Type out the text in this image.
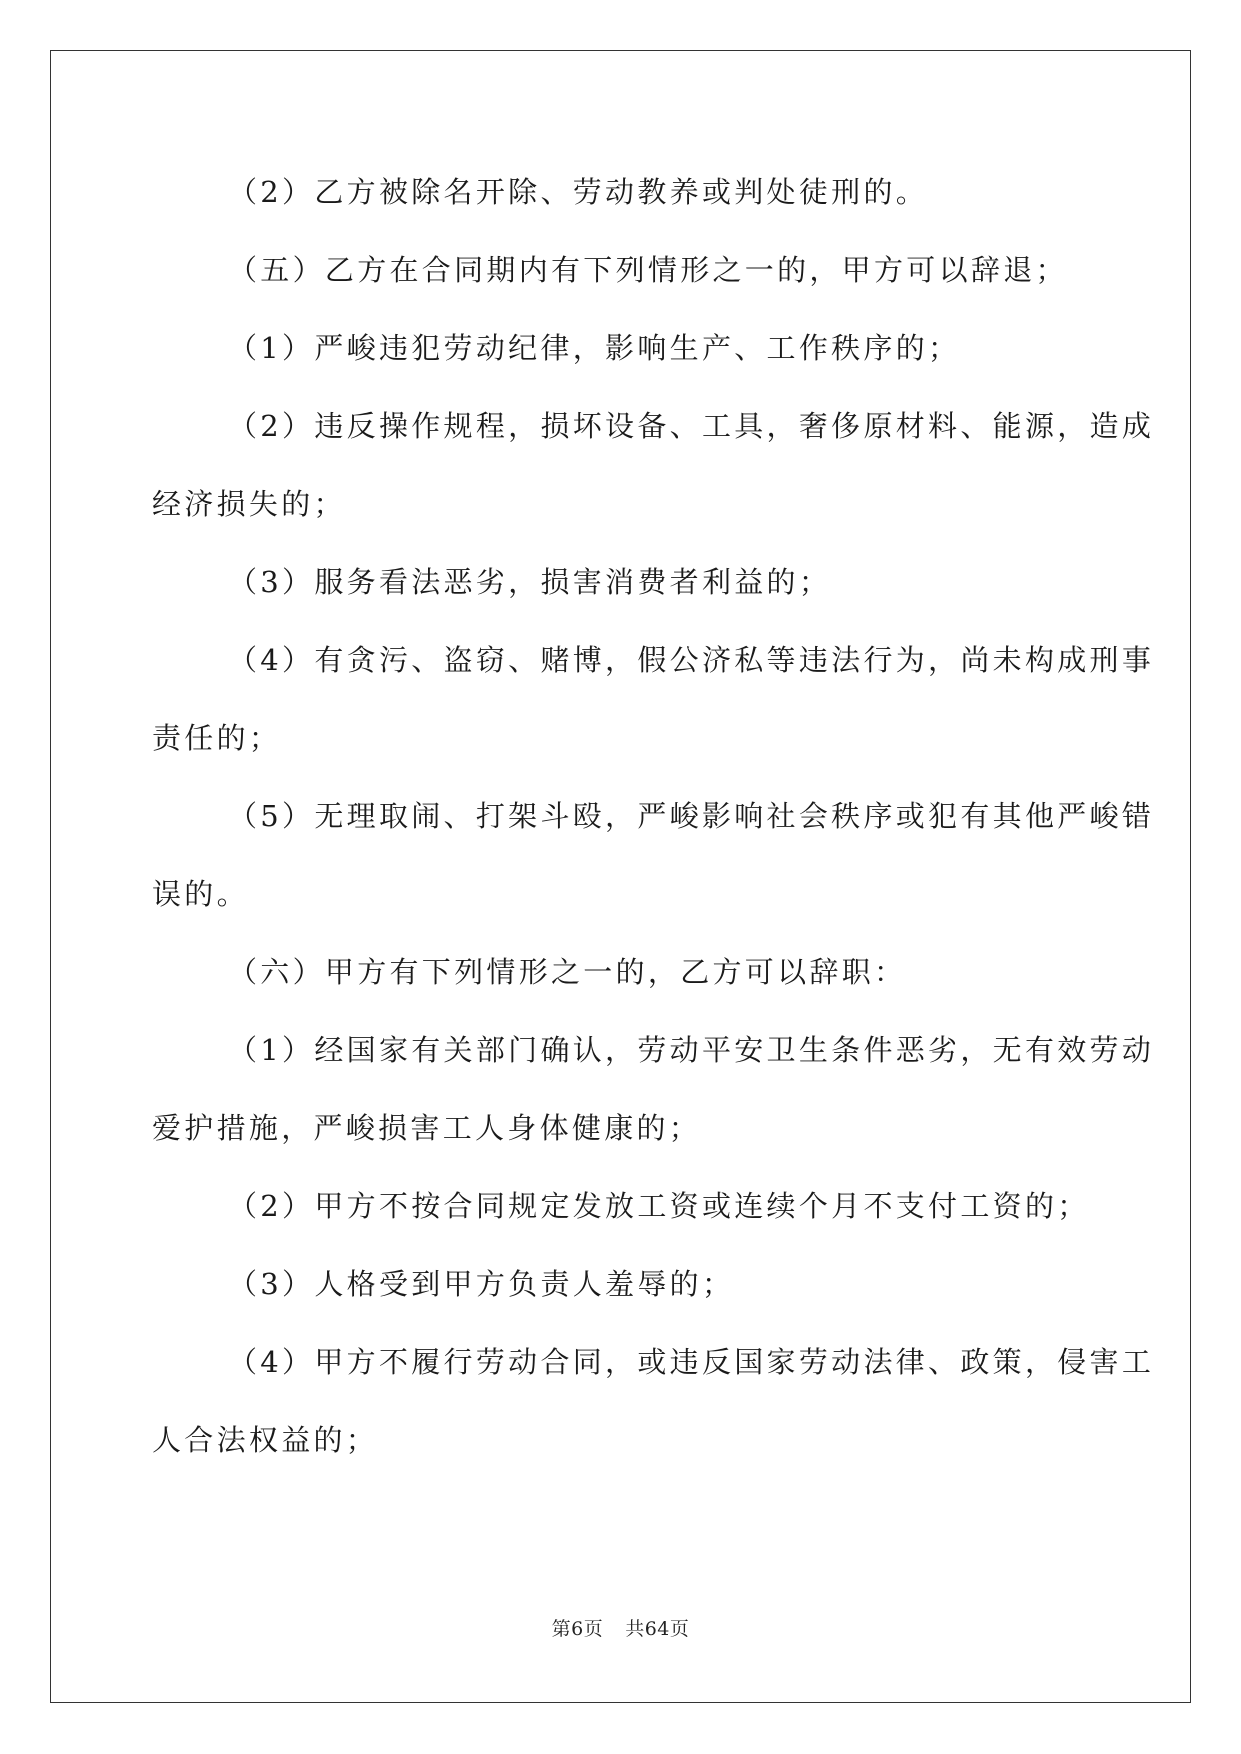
（2）乙方被除名开除、劳动教养或判处徒刑的。
（五）乙方在合同期内有下列情形之一的，甲方可以辞退；
（1）严峻违犯劳动纪律，影响生产、工作秩序的；
（2）违反操作规程，损坏设备、工具，奢侈原材料、能源，造成
经济损失的；
（3）服务看法恶劣，损害消费者利益的；
（4）有贪污、盗窃、赌博，假公济私等违法行为，尚未构成刑事
责任的；
（5）无理取闹、打架斗殴，严峻影响社会秩序或犯有其他严峻错
误的。
（六）甲方有下列情形之一的，乙方可以辞职：
（1）经国家有关部门确认，劳动平安卫生条件恶劣，无有效劳动
爱护措施，严峻损害工人身体健康的；
（2）甲方不按合同规定发放工资或连续个月不支付工资的；
（3）人格受到甲方负责人羞辱的；
（4）甲方不履行劳动合同，或违反国家劳动法律、政策，侵害工
人合法权益的；
第6页 共64页
